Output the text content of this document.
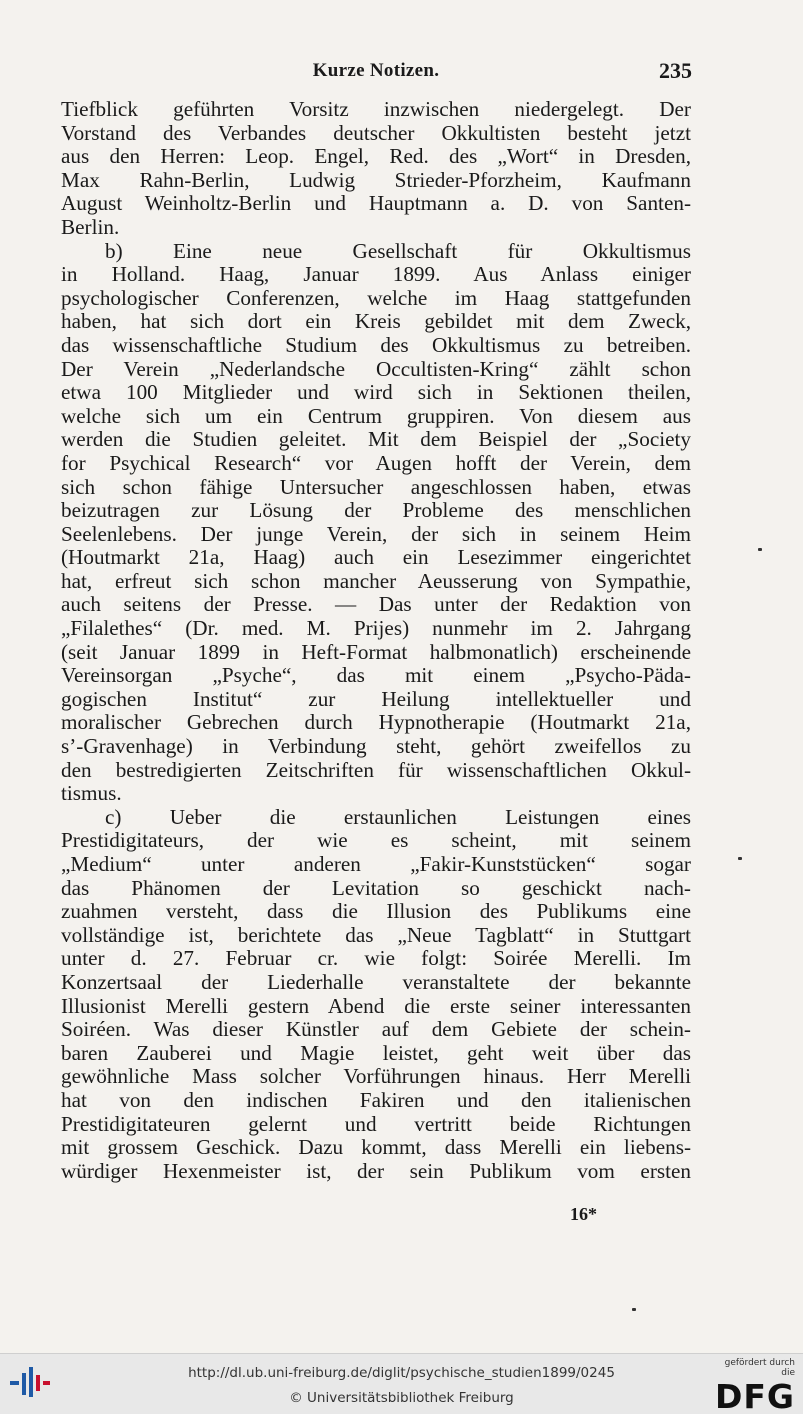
Kurze Notizen.	235
Tiefblick geführten Vorsitz inzwischen niedergelegt. Der
Vorstand des Verbandes deutscher Okkultisten besteht jetzt
aus den Herren: Leop. Engel, Red. des „Wort“ in Dresden,
Max Rahn-Berlin, Ludwig Strieder-Pforzheim, Kaufmann
August Weinholtz-Berlin und Hauptmann a. D. von Santen-
Berlin.
b) Eine neue Gesellschaft für Okkultismus
in Holland. Haag, Januar 1899. Aus Anlass einiger
psychologischer Conferenzen, welche im Haag stattgefunden
haben, hat sich dort ein Kreis gebildet mit dem Zweck,
das wissenschaftliche Studium des Okkultismus zu betreiben.
Der Verein „Nederlandsche Occultisten-Kring“ zählt schon
etwa 100 Mitglieder und wird sich in Sektionen theilen,
welche sich um ein Centrum gruppiren. Von diesem aus
werden die Studien geleitet. Mit dem Beispiel der „Society
for Psychical Research“ vor Augen hofft der Verein, dem
sich schon fähige Untersucher angeschlossen haben, etwas
beizutragen zur Lösung der Probleme des menschlichen
Seelenlebens. Der junge Verein, der sich in seinem Heim
(Houtmarkt 21a, Haag) auch ein Lesezimmer eingerichtet
hat, erfreut sich schon mancher Aeusserung von Sympathie,
auch seitens der Presse. — Das unter der Redaktion von
„Filalethes“ (Dr. med. M. Prijes) nunmehr im 2. Jahrgang
(seit Januar 1899 in Heft-Format halbmonatlich) erscheinende
Vereinsorgan „Psyche“, das mit einem „Psycho-Päda-
gogischen Institut“ zur Heilung intellektueller und
moralischer Gebrechen durch Hypnotherapie (Houtmarkt 21a,
s’-Gravenhage) in Verbindung steht, gehört zweifellos zu
den bestredigierten Zeitschriften für wissenschaftlichen Okkul-
tismus.
c) Ueber die erstaunlichen Leistungen eines
Prestidigitateurs, der wie es scheint, mit seinem
„Medium“ unter anderen „Fakir-Kunststücken“ sogar
das Phänomen der Levitation so geschickt nach-
zuahmen versteht, dass die Illusion des Publikums eine
vollständige ist, berichtete das „Neue Tagblatt“ in Stuttgart
unter d. 27. Februar cr. wie folgt: Soirée Merelli. Im
Konzertsaal der Liederhalle veranstaltete der bekannte
Illusionist Merelli gestern Abend die erste seiner interessanten
Soiréen. Was dieser Künstler auf dem Gebiete der schein-
baren Zauberei und Magie leistet, geht weit über das
gewöhnliche Mass solcher Vorführungen hinaus. Herr Merelli
hat von den indischen Fakiren und den italienischen
Prestidigitateuren gelernt und vertritt beide Richtungen
mit grossem Geschick. Dazu kommt, dass Merelli ein liebens-
würdiger Hexenmeister ist, der sein Publikum vom ersten
16*
http://dl.ub.uni-freiburg.de/diglit/psychische_studien1899/0245
© Universitätsbibliothek Freiburg
gefördert durch die
DFG
